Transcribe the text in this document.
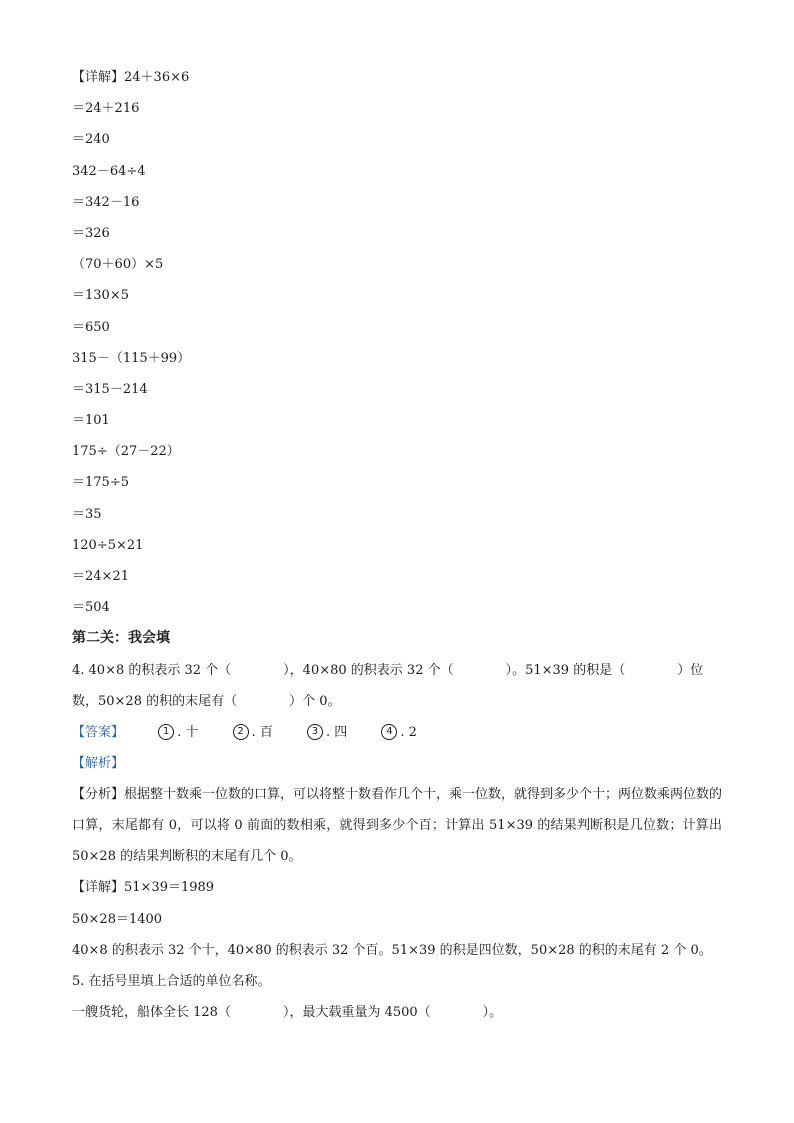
【详解】24＋36×6
＝24＋216
＝240
342－64÷4
＝342－16
＝326
（70＋60）×5
＝130×5
＝650
315－（115＋99）
＝315－214
＝101
175÷（27－22）
＝175÷5
＝35
120÷5×21
＝24×21
＝504
第二关：我会填
4. 40×8 的积表示 32 个（　　　　），40×80 的积表示 32 个（　　　　）。51×39 的积是（　　　　）位
数，50×28 的积的末尾有（　　　　）个 0。
【答案】	1 . 十	2 . 百	3 . 四	4 . 2
【解析】
【分析】根据整十数乘一位数的口算，可以将整十数看作几个十，乘一位数，就得到多少个十；两位数乘两位数的口算，末尾都有 0，可以将 0 前面的数相乘，就得到多少个百；计算出 51×39 的结果判断积是几位数；计算出 50×28 的结果判断积的末尾有几个 0。
【详解】51×39＝1989
50×28＝1400
40×8 的积表示 32 个十，40×80 的积表示 32 个百。51×39 的积是四位数，50×28 的积的末尾有 2 个 0。
5. 在括号里填上合适的单位名称。
一艘货轮，船体全长 128（　　　　），最大载重量为 4500（　　　　）。
